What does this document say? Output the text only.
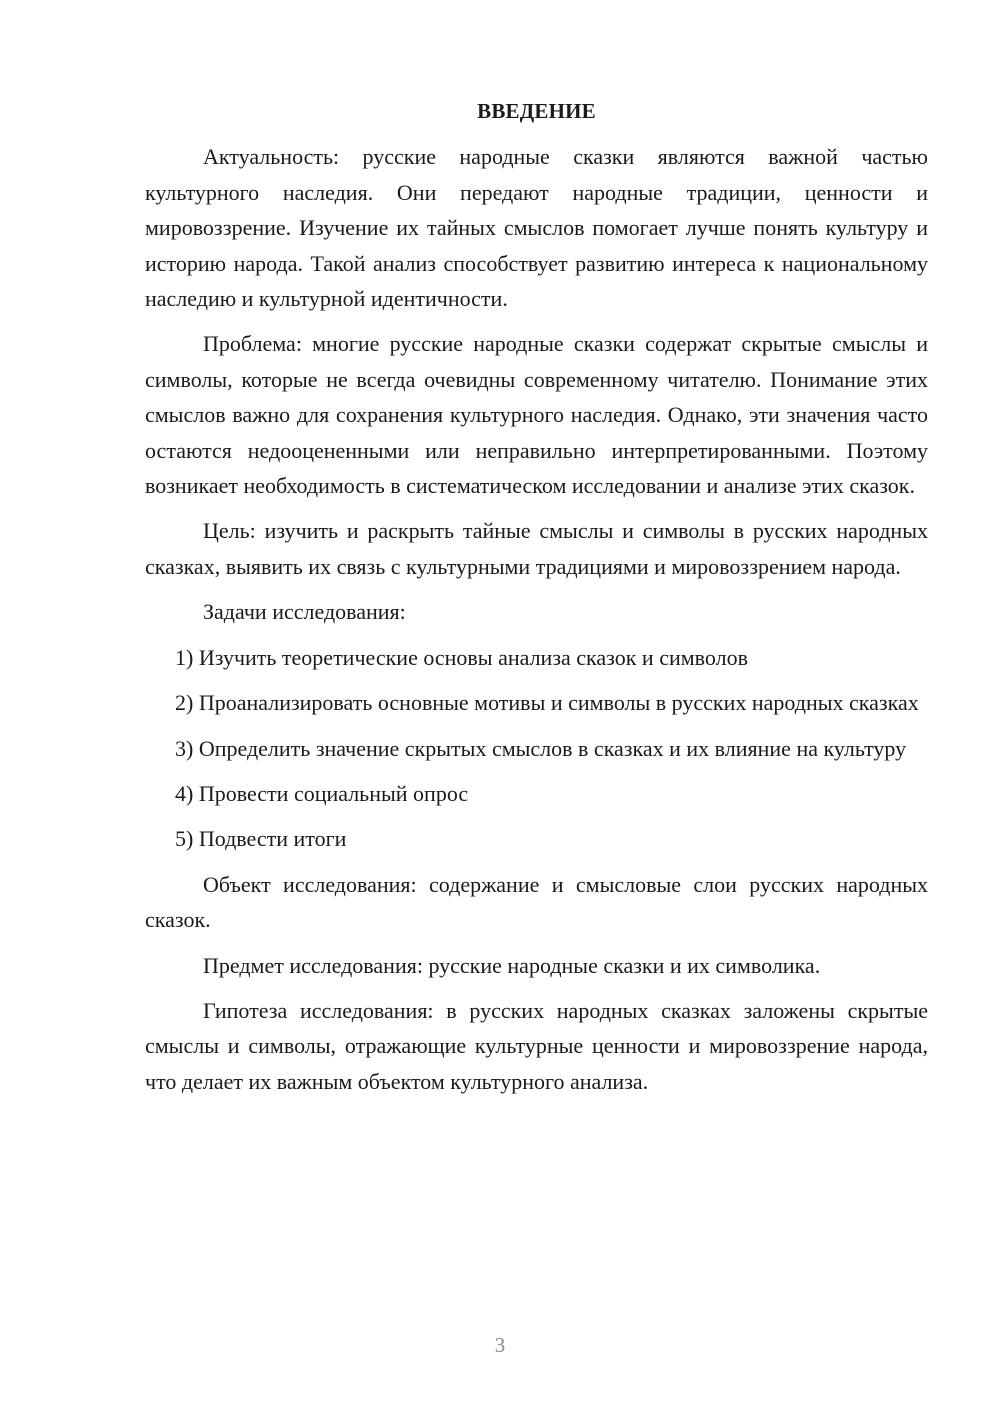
ВВЕДЕНИЕ

Актуальность: русские народные сказки являются важной частью культурного наследия. Они передают народные традиции, ценности и мировоззрение. Изучение их тайных смыслов помогает лучше понять культуру и историю народа. Такой анализ способствует развитию интереса к национальному наследию и культурной идентичности.

Проблема: многие русские народные сказки содержат скрытые смыслы и символы, которые не всегда очевидны современному читателю. Понимание этих смыслов важно для сохранения культурного наследия. Однако, эти значения часто остаются недооцененными или неправильно интерпретированными. Поэтому возникает необходимость в систематическом исследовании и анализе этих сказок.

Цель: изучить и раскрыть тайные смыслы и символы в русских народных сказках, выявить их связь с культурными традициями и мировоззрением народа.

Задачи исследования:

1) Изучить теоретические основы анализа сказок и символов

2) Проанализировать основные мотивы и символы в русских народных сказках

3) Определить значение скрытых смыслов в сказках и их влияние на культуру

4) Провести социальный опрос

5) Подвести итоги

Объект исследования: содержание и смысловые слои русских народных сказок.

Предмет исследования: русские народные сказки и их символика.

Гипотеза исследования: в русских народных сказках заложены скрытые смыслы и символы, отражающие культурные ценности и мировоззрение народа, что делает их важным объектом культурного анализа.

3
